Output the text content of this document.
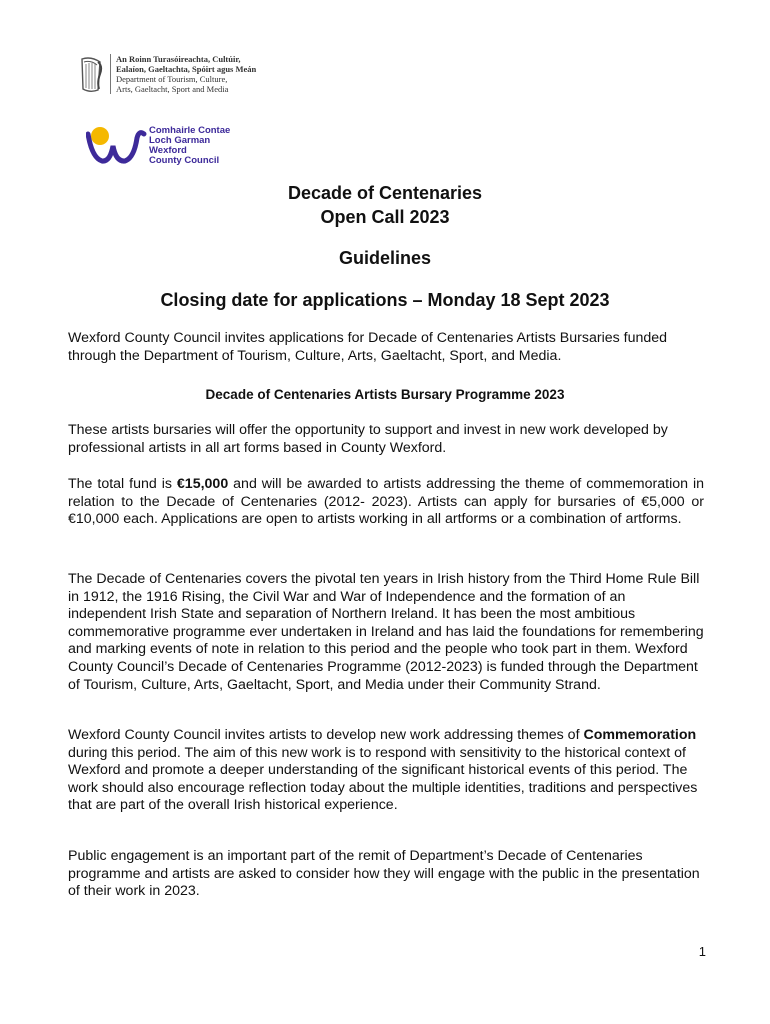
An Roinn Turasóireachta, Cultúir,
Ealaíon, Gaeltachta, Spóirt agus Meán
Department of Tourism, Culture,
Arts, Gaeltacht, Sport and Media
Comhairle Contae
Loch Garman
Wexford
County Council
Decade of Centenaries
Open Call 2023
Guidelines
Closing date for applications – Monday 18 Sept 2023

Wexford County Council invites applications for Decade of Centenaries Artists Bursaries funded through the Department of Tourism, Culture, Arts, Gaeltacht, Sport, and Media.

Decade of Centenaries Artists Bursary Programme 2023

These artists bursaries will offer the opportunity to support and invest in new work developed by professional artists in all art forms based in County Wexford.

The total fund is €15,000 and will be awarded to artists addressing the theme of commemoration in relation to the Decade of Centenaries (2012- 2023). Artists can apply for bursaries of €5,000 or €10,000 each. Applications are open to artists working in all artforms or a combination of artforms.

The Decade of Centenaries covers the pivotal ten years in Irish history from the Third Home Rule Bill in 1912, the 1916 Rising, the Civil War and War of Independence and the formation of an independent Irish State and separation of Northern Ireland. It has been the most ambitious commemorative programme ever undertaken in Ireland and has laid the foundations for remembering and marking events of note in relation to this period and the people who took part in them. Wexford County Council’s Decade of Centenaries Programme (2012-2023) is funded through the Department of Tourism, Culture, Arts, Gaeltacht, Sport, and Media under their Community Strand.

Wexford County Council invites artists to develop new work addressing themes of Commemoration during this period. The aim of this new work is to respond with sensitivity to the historical context of Wexford and promote a deeper understanding of the significant historical events of this period. The work should also encourage reflection today about the multiple identities, traditions and perspectives that are part of the overall Irish historical experience.

Public engagement is an important part of the remit of Department’s Decade of Centenaries programme and artists are asked to consider how they will engage with the public in the presentation of their work in 2023.

1
